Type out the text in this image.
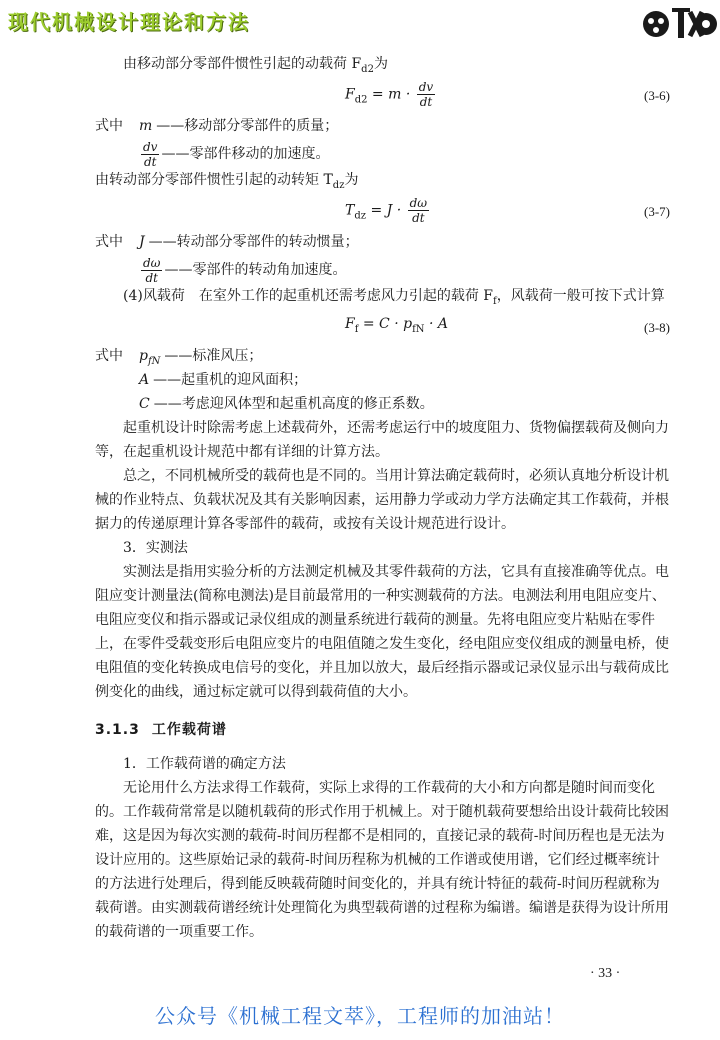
现代机械设计理论和方法

由移动部分零部件惯性引起的动载荷 $F_{d2}$为

$F_{d2} = m \cdot \frac{dv}{dt}$	(3-6)
式中	m ——移动部分零部件的质量；
$\frac{dv}{dt}$ ——零部件移动的加速度。

由转动部分零部件惯性引起的动转矩 $T_{dz}$为

$T_{dz} = J \cdot \frac{d\omega}{dt}$	(3-7)
式中	J ——转动部分零部件的转动惯量；
$\frac{d\omega}{dt}$ ——零部件的转动角加速度。

(4)风载荷　在室外工作的起重机还需考虑风力引起的载荷 $F_f$，风载荷一般可按下式计算

$F_f = C \cdot p_{fN} \cdot A$	(3-8)
式中	$p_{fN}$ ——标准风压；
A ——起重机的迎风面积；
C ——考虑迎风体型和起重机高度的修正系数。

起重机设计时除需考虑上述载荷外，还需考虑运行中的坡度阻力、货物偏摆载荷及侧向力等，在起重机设计规范中都有详细的计算方法。

总之，不同机械所受的载荷也是不同的。当用计算法确定载荷时，必须认真地分析设计机械的作业特点、负载状况及其有关影响因素，运用静力学或动力学方法确定其工作载荷，并根据力的传递原理计算各零部件的载荷，或按有关设计规范进行设计。

3．实测法

实测法是指用实验分析的方法测定机械及其零件载荷的方法，它具有直接准确等优点。电阻应变计测量法(简称电测法)是目前最常用的一种实测载荷的方法。电测法利用电阻应变片、电阻应变仪和指示器或记录仪组成的测量系统进行载荷的测量。先将电阻应变片粘贴在零件上，在零件受载变形后电阻应变片的电阻值随之发生变化，经电阻应变仪组成的测量电桥，使电阻值的变化转换成电信号的变化，并且加以放大，最后经指示器或记录仪显示出与载荷成比例变化的曲线，通过标定就可以得到载荷值的大小。

3.1.3 工作载荷谱

1．工作载荷谱的确定方法

无论用什么方法求得工作载荷，实际上求得的工作载荷的大小和方向都是随时间而变化的。工作载荷常常是以随机载荷的形式作用于机械上。对于随机载荷要想给出设计载荷比较困难，这是因为每次实测的载荷-时间历程都不是相同的，直接记录的载荷-时间历程也是无法为设计应用的。这些原始记录的载荷-时间历程称为机械的工作谱或使用谱，它们经过概率统计的方法进行处理后，得到能反映载荷随时间变化的，并具有统计特征的载荷-时间历程就称为载荷谱。由实测载荷谱经统计处理简化为典型载荷谱的过程称为编谱。编谱是获得为设计所用的载荷谱的一项重要工作。

· 33 ·
公众号《机械工程文萃》，工程师的加油站！
